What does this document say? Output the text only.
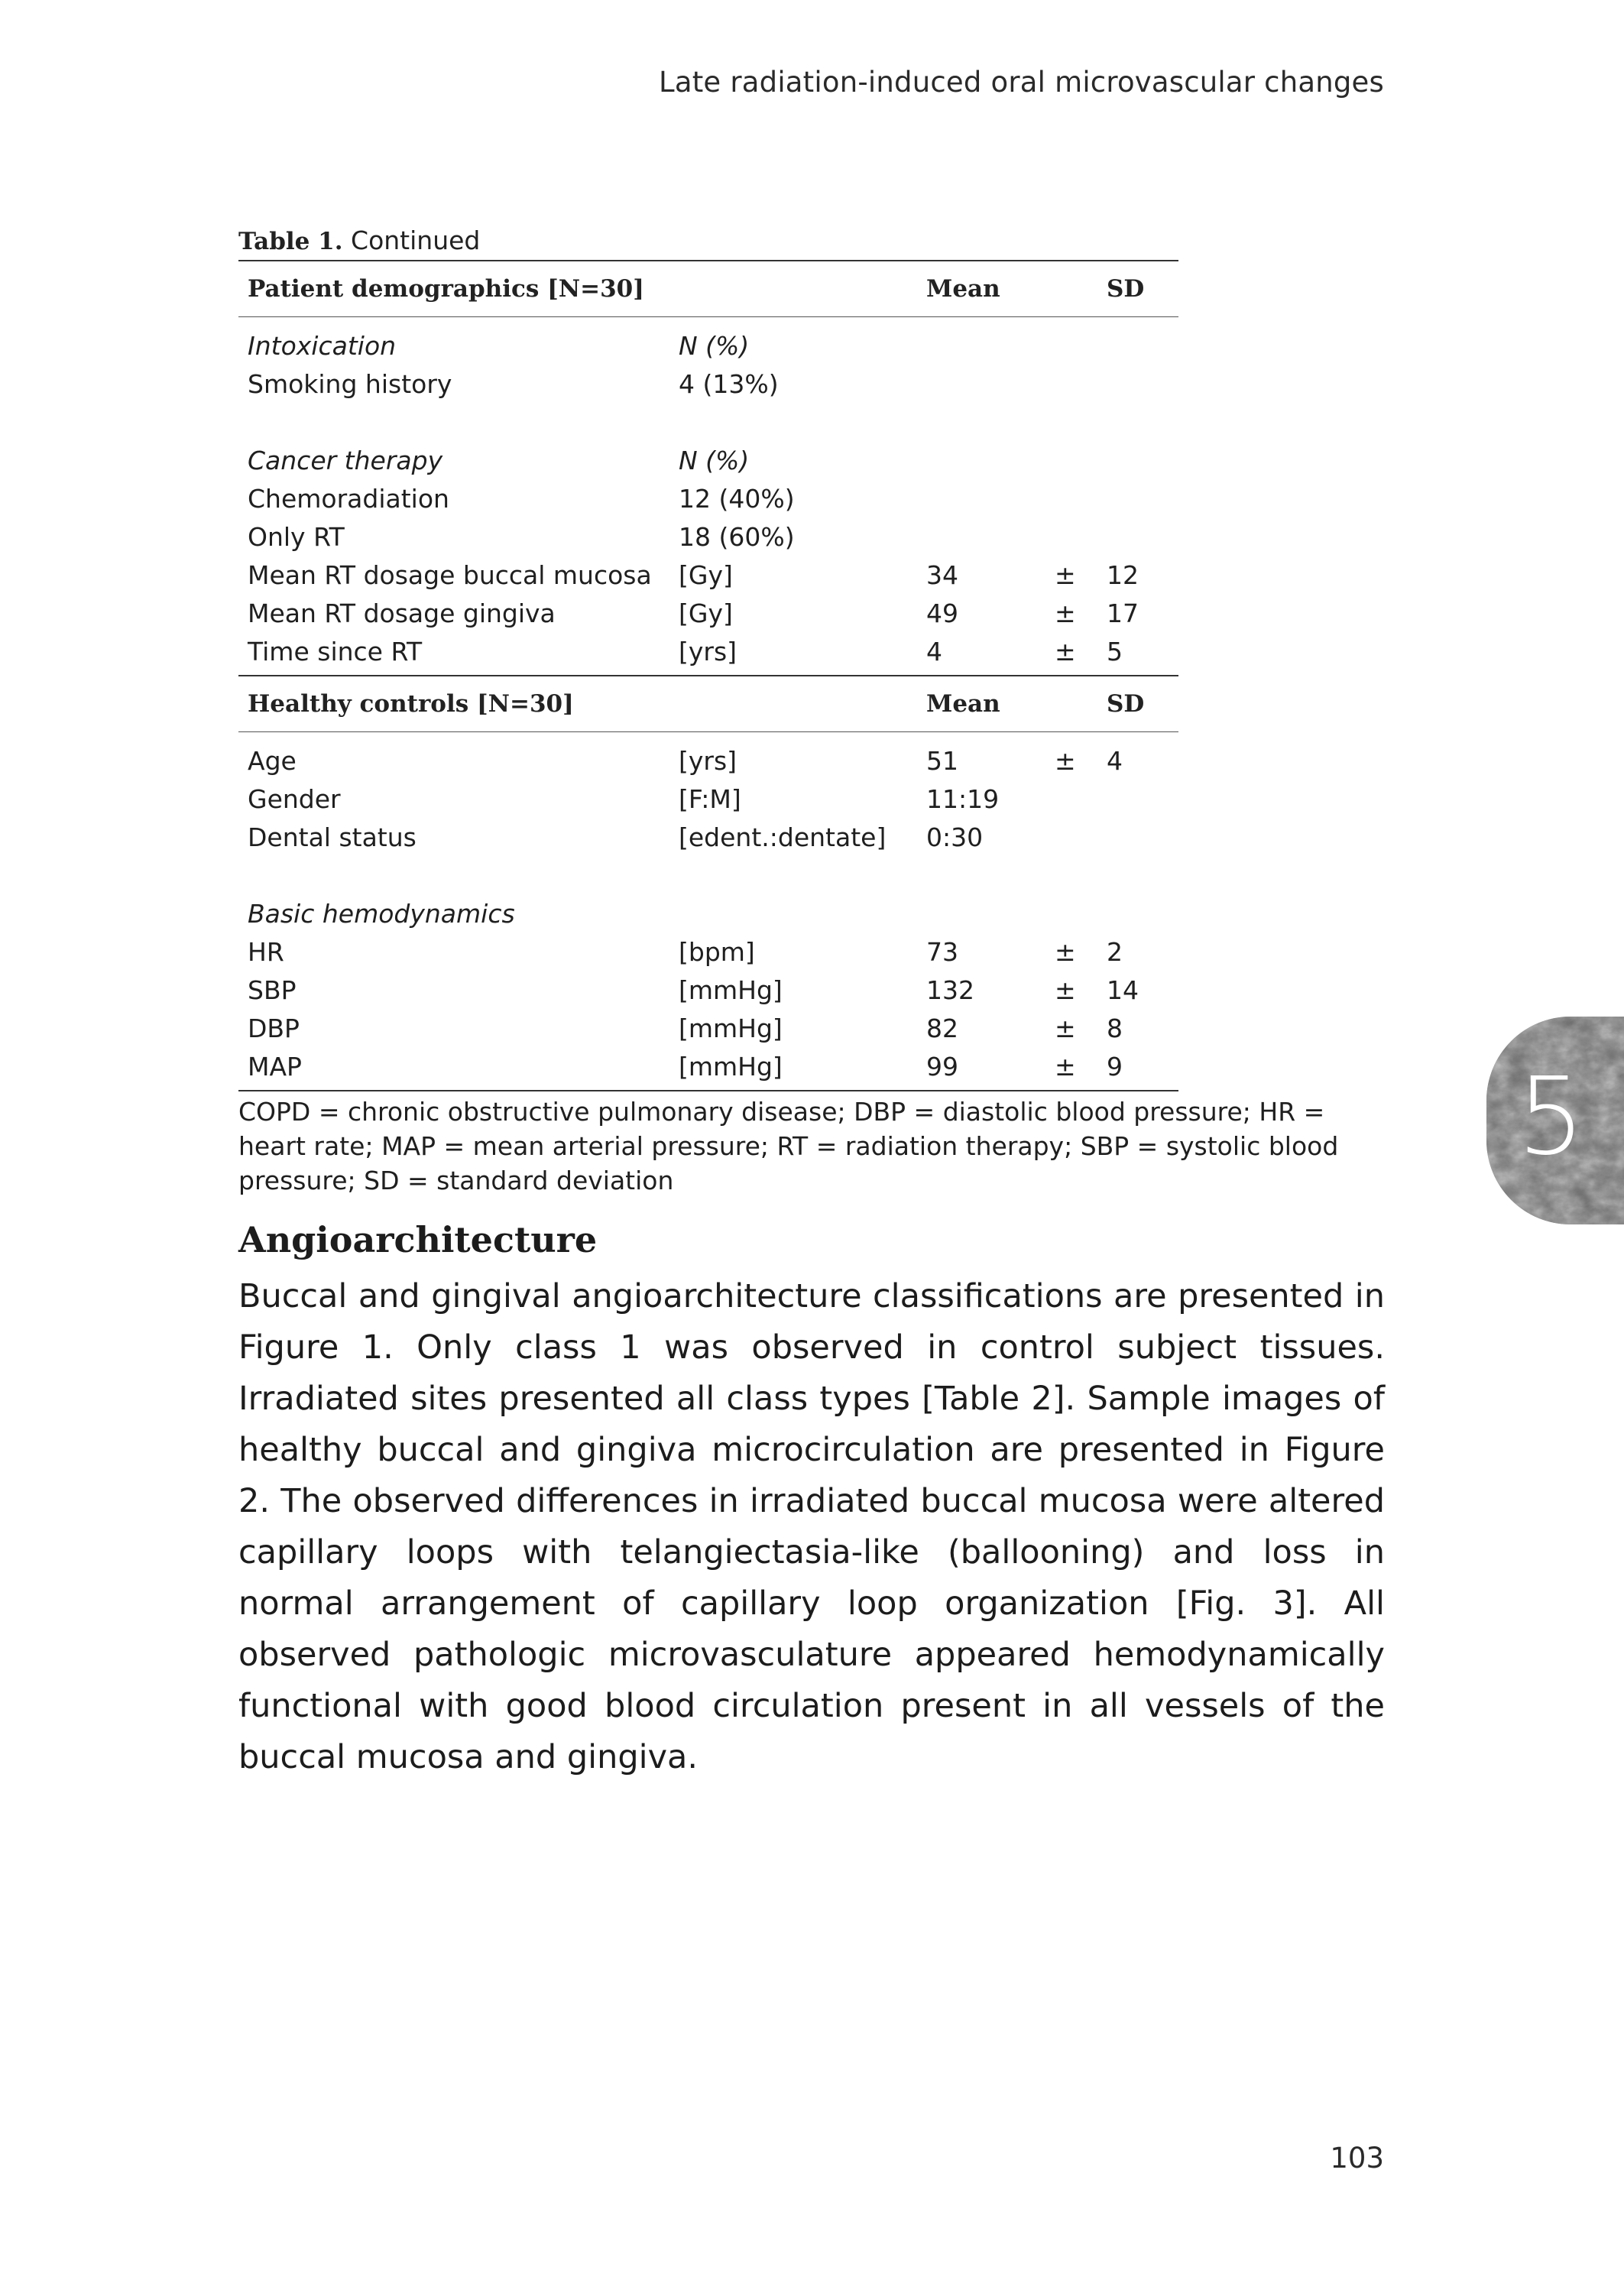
Late radiation-induced oral microvascular changes
Table 1. Continued
Patient demographics [N=30]	Mean	SD
Intoxication	N (%)
Smoking history	4 (13%)
Cancer therapy	N (%)
Chemoradiation	12 (40%)
Only RT	18 (60%)
Mean RT dosage buccal mucosa	[Gy]	34	±	12
Mean RT dosage gingiva	[Gy]	49	±	17
Time since RT	[yrs]	4	±	5
Healthy controls [N=30]	Mean	SD
Age	[yrs]	51	±	4
Gender	[F:M]	11:19
Dental status	[edent.:dentate]	0:30
Basic hemodynamics
HR	[bpm]	73	±	2
SBP	[mmHg]	132	±	14
DBP	[mmHg]	82	±	8
MAP	[mmHg]	99	±	9
COPD = chronic obstructive pulmonary disease; DBP = diastolic blood pressure; HR = heart rate; MAP = mean arterial pressure; RT = radiation therapy; SBP = systolic blood pressure; SD = standard deviation
Angioarchitecture
Buccal and gingival angioarchitecture classifications are presented in Figure 1. Only class 1 was observed in control subject tissues. Irradiated sites presented all class types [Table 2]. Sample images of healthy buccal and gingiva microcirculation are presented in Figure 2. The observed differences in irradiated buccal mucosa were altered capillary loops with telangiectasia-like (ballooning) and loss in normal arrangement of capillary loop organization [Fig. 3]. All observed pathologic microvasculature appeared hemodynamically functional with good blood circulation present in all vessels of the buccal mucosa and gingiva.
5
103
